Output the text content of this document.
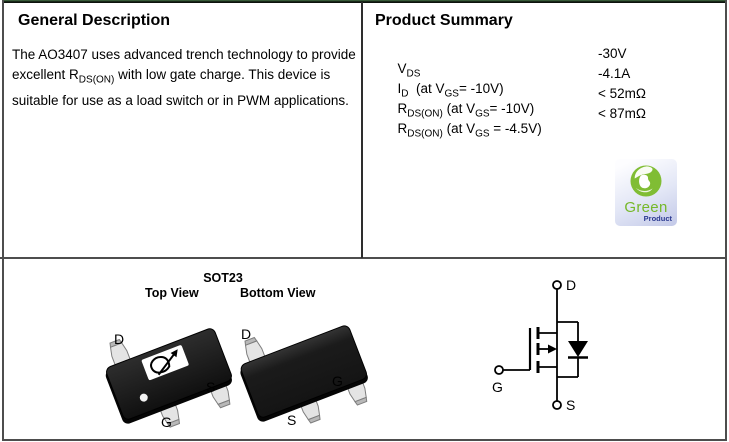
General Description
The AO3407 uses advanced trench technology to provide
excellent $R_{DS(ON)}$ with low gate charge. This device is
suitable for use as a load switch or in PWM applications.
Product Summary

$V_{DS}$

-30V

$I_D$  (at $V_{GS}= -10V$)

-4.1A

$R_{DS(ON)}$ (at $V_{GS}= -10V$)

< 52mΩ

$R_{DS(ON)}$ (at $V_{GS} = -4.5V$)

< 87mΩ

Green
Product
SOT23
Top View	Bottom View
D
S
G
D
G
S
D
S
G
